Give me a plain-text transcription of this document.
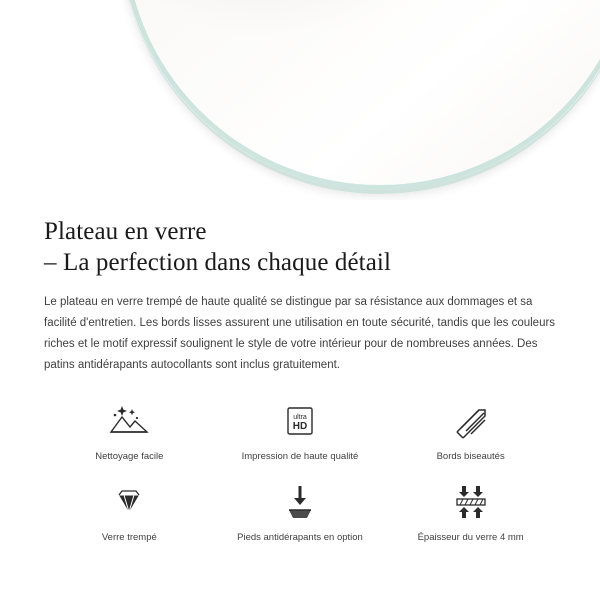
Plateau en verre
– La perfection dans chaque détail

Le plateau en verre trempé de haute qualité se distingue par sa résistance aux dommages et sa facilité d'entretien. Les bords lisses assurent une utilisation en toute sécurité, tandis que les couleurs riches et le motif expressif soulignent le style de votre intérieur pour de nombreuses années. Des patins antidérapants autocollants sont inclus gratuitement.

Nettoyage facile
ultra
HD
Impression de haute qualité	Bords biseautés
Verre trempé	Pieds antidérapants en option	Épaisseur du verre 4 mm
